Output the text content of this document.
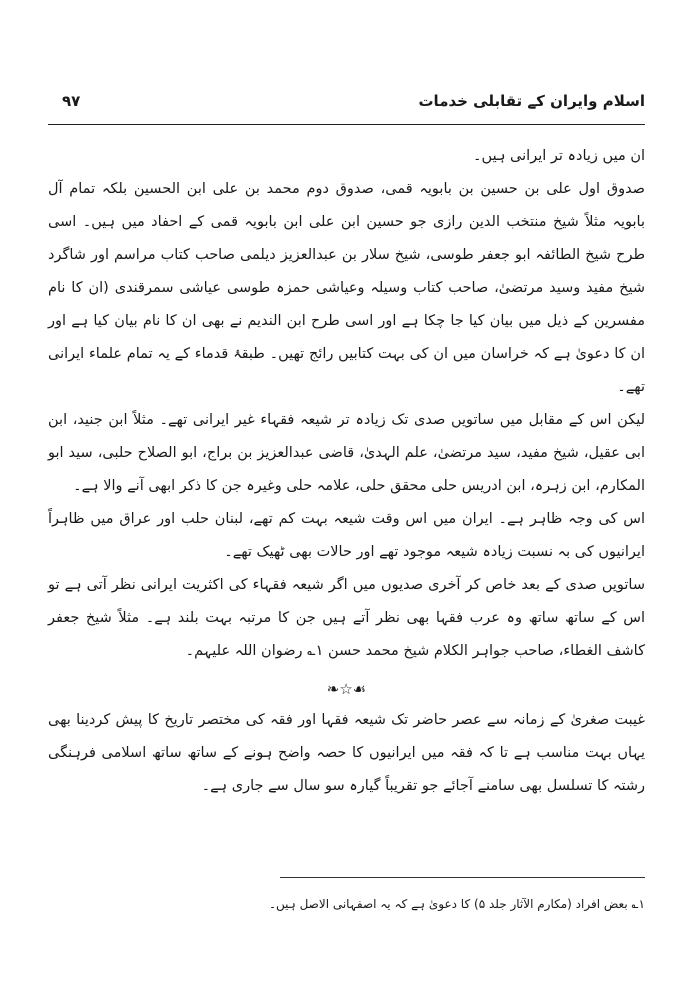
اسلام وایران کے تقابلی خدمات
۹۷

ان میں زیادہ تر ایرانی ہیں۔

صدوق اول علی بن حسین بن بابویہ قمی، صدوق دوم محمد بن علی ابن الحسین بلکہ تمام آل بابویہ مثلاً شیخ منتخب الدین رازی جو حسین ابن علی ابن بابویہ قمی کے احفاد میں ہیں۔ اسی طرح شیخ الطائفہ ابو جعفر طوسی، شیخ سلار بن عبدالعزیز دیلمی صاحب کتاب مراسم اور شاگرد شیخ مفید وسید مرتضیٰ، صاحب کتاب وسیلہ وعیاشی حمزہ طوسی عیاشی سمرقندی (ان کا نام مفسرین کے ذیل میں بیان کیا جا چکا ہے اور اسی طرح ابن الندیم نے بھی ان کا نام بیان کیا ہے اور ان کا دعویٰ ہے کہ خراسان میں ان کی بہت کتابیں رائج تھیں۔ طبقۂ قدماء کے یہ تمام علماء ایرانی تھے۔

لیکن اس کے مقابل میں ساتویں صدی تک زیادہ تر شیعہ فقہاء غیر ایرانی تھے۔ مثلاً ابن جنید، ابن ابی عقیل، شیخ مفید، سید مرتضیٰ، علم الہدیٰ، قاضی عبدالعزیز بن براج، ابو الصلاح حلبی، سید ابو المکارم، ابن زہرہ، ابن ادریس حلی محقق حلی، علامہ حلی وغیرہ جن کا ذکر ابھی آنے والا ہے۔

اس کی وجہ ظاہر ہے۔ ایران میں اس وقت شیعہ بہت کم تھے، لبنان حلب اور عراق میں ظاہراً ایرانیوں کی بہ نسبت زیادہ شیعہ موجود تھے اور حالات بھی ٹھیک تھے۔

ساتویں صدی کے بعد خاص کر آخری صدیوں میں اگر شیعہ فقہاء کی اکثریت ایرانی نظر آتی ہے تو اس کے ساتھ ساتھ وہ عرب فقہا بھی نظر آتے ہیں جن کا مرتبہ بہت بلند ہے۔ مثلاً شیخ جعفر کاشف الغطاء، صاحب جواہر الکلام شیخ محمد حسن ۱؎ رضوان اللہ علیہم۔

❧☆☙

غیبت صغریٰ کے زمانہ سے عصر حاضر تک شیعہ فقہا اور فقہ کی مختصر تاریخ کا پیش کردینا بھی یہاں بہت مناسب ہے تا کہ فقہ میں ایرانیوں کا حصہ واضح ہونے کے ساتھ ساتھ اسلامی فرہنگی رشتہ کا تسلسل بھی سامنے آجائے جو تقریباً گیارہ سو سال سے جاری ہے۔

۱؎ بعض افراد (مکارم الآثار جلد ۵) کا دعویٰ ہے کہ یہ اصفہانی الاصل ہیں۔
